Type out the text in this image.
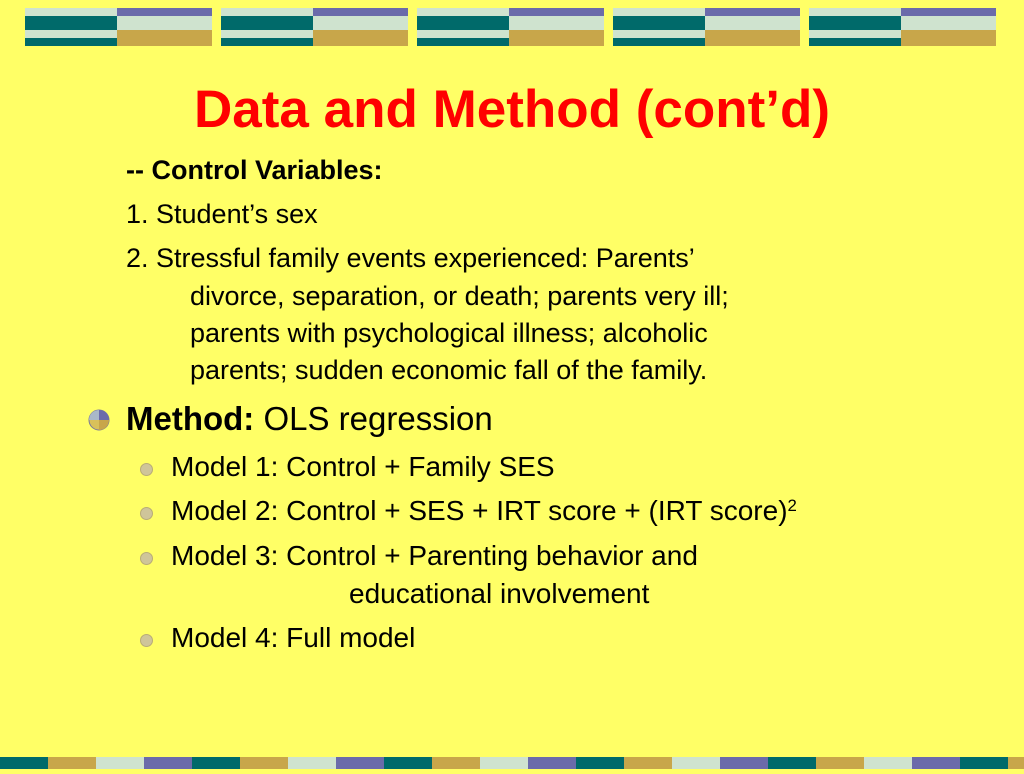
Data and Method (cont’d)

-- Control Variables:

1. Student’s sex

2. Stressful family events experienced: Parents’

divorce, separation, or death; parents very ill;

parents with psychological illness; alcoholic

parents; sudden economic fall of the family.

Method: OLS regression

Model 1: Control + Family SES

Model 2: Control + SES + IRT score + (IRT score)$^2$

Model 3: Control + Parenting behavior and

educational involvement

Model 4: Full model
